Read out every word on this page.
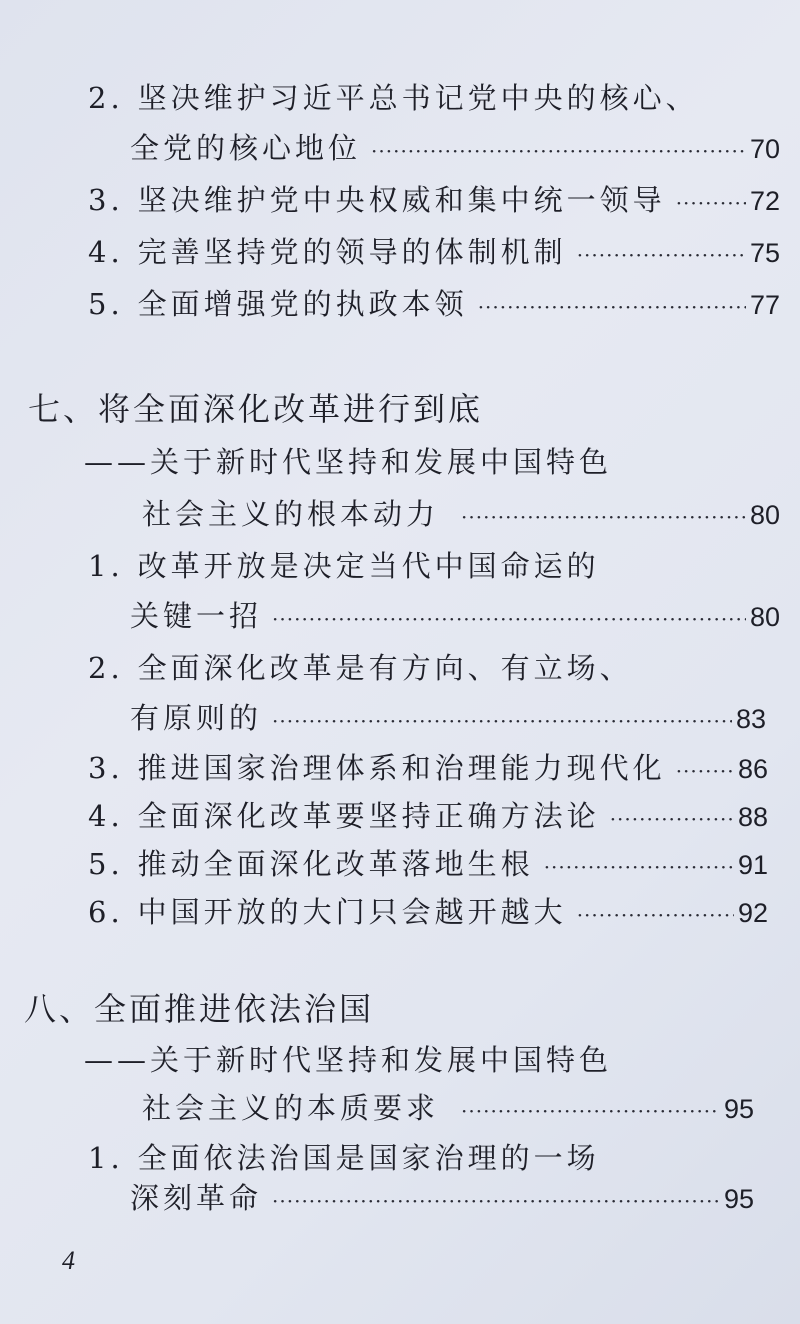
2. 坚决维护习近平总书记党中央的核心、
全党的核心地位 ·····	70
3. 坚决维护党中央权威和集中统一领导 ·····	72
4. 完善坚持党的领导的体制机制 ·····	75
5. 全面增强党的执政本领 ·····	77
七、将全面深化改革进行到底
——关于新时代坚持和发展中国特色
社会主义的根本动力 ·····	80
1. 改革开放是决定当代中国命运的
关键一招 ·····	80
2. 全面深化改革是有方向、有立场、
有原则的 ·····	83
3. 推进国家治理体系和治理能力现代化 ·····	86
4. 全面深化改革要坚持正确方法论 ·····	88
5. 推动全面深化改革落地生根 ·····	91
6. 中国开放的大门只会越开越大 ·····	92
八、全面推进依法治国
——关于新时代坚持和发展中国特色
社会主义的本质要求 ·····	95
1. 全面依法治国是国家治理的一场
深刻革命 ·····	95
4
